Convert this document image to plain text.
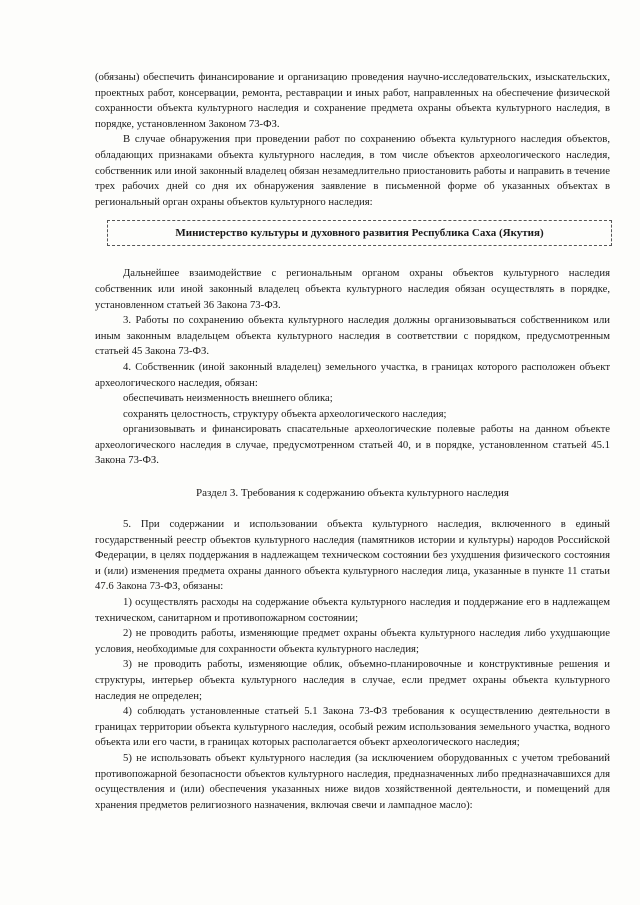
(обязаны) обеспечить финансирование и организацию проведения научно-исследовательских, изыскательских, проектных работ, консервации, ремонта, реставрации и иных работ, направленных на обеспечение физической сохранности объекта культурного наследия и сохранение предмета охраны объекта культурного наследия, в порядке, установленном Законом 73-ФЗ.

В случае обнаружения при проведении работ по сохранению объекта культурного наследия объектов, обладающих признаками объекта культурного наследия, в том числе объектов археологического наследия, собственник или иной законный владелец обязан незамедлительно приостановить работы и направить в течение трех рабочих дней со дня их обнаружения заявление в письменной форме об указанных объектах в региональный орган охраны объектов культурного наследия:

Министерство культуры и духовного развития Республика Саха (Якутия)

Дальнейшее взаимодействие с региональным органом охраны объектов культурного наследия собственник или иной законный владелец объекта культурного наследия обязан осуществлять в порядке, установленном статьей 36 Закона 73-ФЗ.

3. Работы по сохранению объекта культурного наследия должны организовываться собственником или иным законным владельцем объекта культурного наследия в соответствии с порядком, предусмотренным статьей 45 Закона 73-ФЗ.

4. Собственник (иной законный владелец) земельного участка, в границах которого расположен объект археологического наследия, обязан:

обеспечивать неизменность внешнего облика;

сохранять целостность, структуру объекта археологического наследия;

организовывать и финансировать спасательные археологические полевые работы на данном объекте археологического наследия в случае, предусмотренном статьей 40, и в порядке, установленном статьей 45.1 Закона 73-ФЗ.

Раздел 3. Требования к содержанию объекта культурного наследия

5. При содержании и использовании объекта культурного наследия, включенного в единый государственный реестр объектов культурного наследия (памятников истории и культуры) народов Российской Федерации, в целях поддержания в надлежащем техническом состоянии без ухудшения физического состояния и (или) изменения предмета охраны данного объекта культурного наследия лица, указанные в пункте 11 статьи 47.6 Закона 73-ФЗ, обязаны:

1) осуществлять расходы на содержание объекта культурного наследия и поддержание его в надлежащем техническом, санитарном и противопожарном состоянии;

2) не проводить работы, изменяющие предмет охраны объекта культурного наследия либо ухудшающие условия, необходимые для сохранности объекта культурного наследия;

3) не проводить работы, изменяющие облик, объемно-планировочные и конструктивные решения и структуры, интерьер объекта культурного наследия в случае, если предмет охраны объекта культурного наследия не определен;

4) соблюдать установленные статьей 5.1 Закона 73-ФЗ требования к осуществлению деятельности в границах территории объекта культурного наследия, особый режим использования земельного участка, водного объекта или его части, в границах которых располагается объект археологического наследия;

5) не использовать объект культурного наследия (за исключением оборудованных с учетом требований противопожарной безопасности объектов культурного наследия, предназначенных либо предназначавшихся для осуществления и (или) обеспечения указанных ниже видов хозяйственной деятельности, и помещений для хранения предметов религиозного назначения, включая свечи и лампадное масло):
